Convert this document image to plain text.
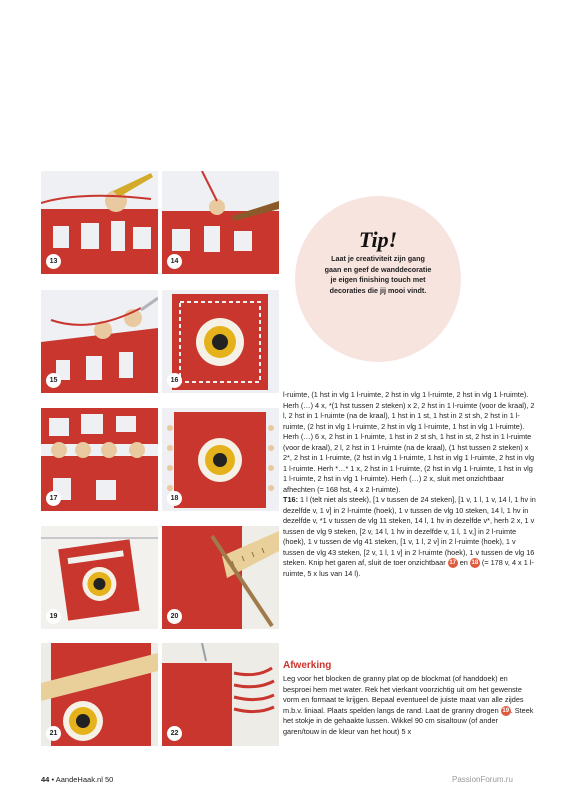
13
15
17
19
21
14
16
18
20
22
Tip!
Laat je creativiteit zijn gang gaan en geef de wanddecoratie je eigen finishing touch met decoraties die jij mooi vindt.

l-ruimte, (1 hst in vlg 1 l-ruimte, 2 hst in vlg 1 l-ruimte, 2 hst in vlg 1 l-ruimte). Herh (…) 4 x, *(1 hst tussen 2 steken) x 2, 2 hst in 1 l-ruimte (voor de kraal), 2 l, 2 hst in 1 l-ruimte (na de kraal), 1 hst in 1 st, 1 hst in 2 st sh, 2 hst in 1 l-ruimte, (2 hst in vlg 1 l-ruimte, 2 hst in vlg 1 l-ruimte, 1 hst in vlg 1 l-ruimte). Herh (…) 6 x, 2 hst in 1 l-ruimte, 1 hst in 2 st sh, 1 hst in st, 2 hst in 1 l-ruimte (voor de kraal), 2 l, 2 hst in 1 l-ruimte (na de kraal), (1 hst tussen 2 steken) x 2*, 2 hst in 1 l-ruimte, (2 hst in vlg 1 l-ruimte, 1 hst in vlg 1 l-ruimte, 2 hst in vlg 1 l-ruimte. Herh *…* 1 x, 2 hst in 1 l-ruimte, (2 hst in vlg 1 l-ruimte, 1 hst in vlg 1 l-ruimte, 2 hst in vlg 1 l-ruimte). Herh (…) 2 x, sluit met onzichtbaar afhechten (= 168 hst, 4 x 2 l-ruimte).

T16: 1 l (telt niet als steek), [1 v tussen de 24 steken], [1 v, 1 l, 1 v, 14 l, 1 hv in dezelfde v, 1 v] in 2 l-ruimte (hoek), 1 v tussen de vlg 10 steken, 14 l, 1 hv in dezelfde v, *1 v tussen de vlg 11 steken, 14 l, 1 hv in dezelfde v*, herh 2 x, 1 v tussen de vlg 9 steken, [2 v, 14 l, 1 hv in dezelfde v, 1 l, 1 v,] in 2 l-ruimte (hoek), 1 v tussen de vlg 41 steken, [1 v, 1 l, 2 v] in 2 l-ruimte (hoek), 1 v tussen de vlg 43 steken, [2 v, 1 l, 1 v] in 2 l-ruimte (hoek), 1 v tussen de vlg 16 steken. Knip het garen af, sluit de toer onzichtbaar 17 en 18 (= 178 v, 4 x 1 l-ruimte, 5 x lus van 14 l).

Afwerking

Leg voor het blocken de granny plat op de blockmat (of handdoek) en besproei hem met water. Rek het vierkant voorzichtig uit om het gewenste vorm en formaat te krijgen. Bepaal eventueel de juiste maat van alle zijdes m.b.v. liniaal. Plaats spelden langs de rand. Laat de granny drogen 19 . Steek het stokje in de gehaakte lussen. Wikkel 90 cm sisaltouw (of ander garen/touw in de kleur van het hout) 5 x

44 • AandeHaak.nl 50	PassionForum.ru
